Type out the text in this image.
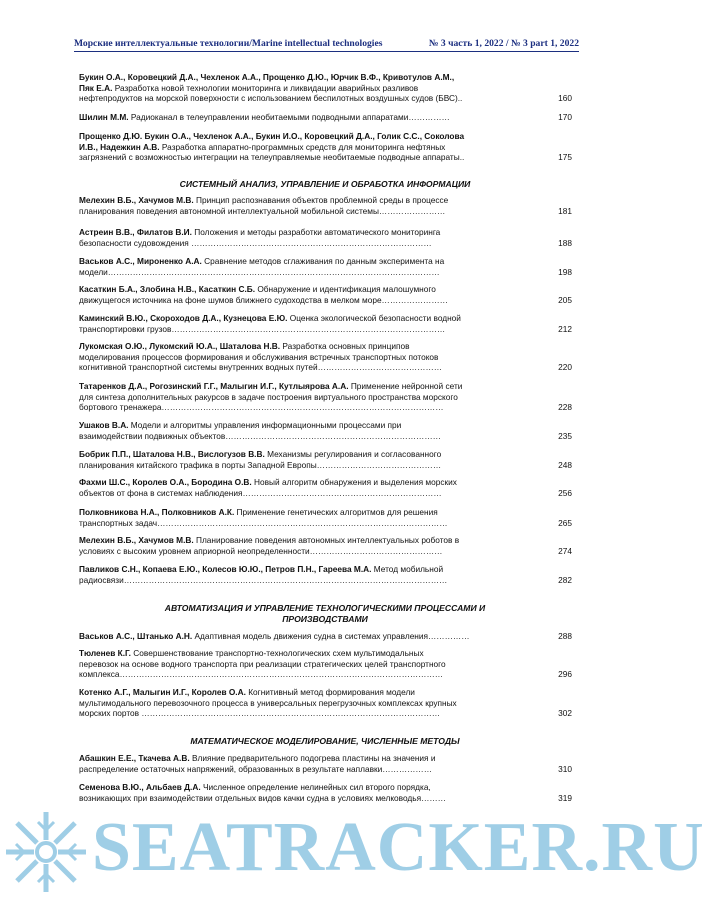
Морские интеллектуальные технологии/Marine intellectual technologies	№ 3 часть 1, 2022 / № 3 part 1, 2022
СИСТЕМНЫЙ АНАЛИЗ, УПРАВЛЕНИЕ И ОБРАБОТКА ИНФОРМАЦИИ
АВТОМАТИЗАЦИЯ И УПРАВЛЕНИЕ ТЕХНОЛОГИЧЕСКИМИ ПРОЦЕССАМИ И
ПРОИЗВОДСТВАМИ
МАТЕМАТИЧЕСКОЕ МОДЕЛИРОВАНИЕ, ЧИСЛЕННЫЕ МЕТОДЫ
Букин О.А., Коровецкий Д.А., Чехленок А.А., Прощенко Д.Ю., Юрчик В.Ф., Кривотулов А.М.,
Пяк Е.А. Разработка новой технологии мониторинга и ликвидации аварийных разливов
нефтепродуктов на морской поверхности с использованием беспилотных воздушных судов (БВС)..	160
Шилин М.М. Радиоканал в телеуправлении необитаемыми подводными аппаратами……………	170
Прощенко Д.Ю. Букин О.А., Чехленок А.А., Букин И.О., Коровецкий Д.А., Голик С.С., Соколова
И.В., Надежкин А.В. Разработка аппаратно-программных средств для мониторинга нефтяных
загрязнений с возможностью интеграции на телеуправляемые необитаемые подводные аппараты..	175
Мелехин В.Б., Хачумов М.В. Принцип распознавания объектов проблемной среды в процессе
планирования поведения автономной интеллектуальной мобильной системы……………………	181
Астреин В.В., Филатов В.И. Положения и методы разработки автоматического мониторинга
безопасности судовождения ……………………………………………………………………………	188
Васьков А.С., Мироненко А.А. Сравнение методов сглаживания по данным эксперимента на
модели…………………………………………………………………………………………………………	198
Касаткин Б.А., Злобина Н.В., Касаткин С.Б. Обнаружение и идентификация малошумного
движущегося источника на фоне шумов ближнего судоходства в мелком море……………………	205
Каминский В.Ю., Скороходов Д.А., Кузнецова Е.Ю. Оценка экологической безопасности водной
транспортировки грузов………………………………………………………………………………………	212
Лукомская О.Ю., Лукомский Ю.А., Шаталова Н.В. Разработка основных принципов
моделирования процессов формирования и обслуживания встречных транспортных потоков
когнитивной транспортной системы внутренних водных путей………………………………………	220
Татаренков Д.А., Рогозинский Г.Г., Малыгин И.Г., Кутлыярова А.А. Применение нейронной сети
для синтеза дополнительных ракурсов в задаче построения виртуального пространства морского
бортового тренажера…………………………………………………………………………………………	228
Ушаков В.А. Модели и алгоритмы управления информационными процессами при
взаимодействии подвижных объектов……………………………………………………………………	235
Бобрик П.П., Шаталова Н.В., Вислогузов В.В. Механизмы регулирования и согласованного
планирования китайского трафика в порты Западной Европы………………………………………	248
Фахми Ш.С., Королев О.А., Бородина О.В. Новый алгоритм обнаружения и выделения морских
объектов от фона в системах наблюдения………………………………………………………………	256
Полковникова Н.А., Полковников А.К. Применение генетических алгоритмов для решения
транспортных задач……………………………………………………………………………………………	265
Мелехин В.Б., Хачумов М.В. Планирование поведения автономных интеллектуальных роботов в
условиях с высоким уровнем априорной неопределенности…………………………………………	274
Павликов С.Н., Копаева Е.Ю., Колесов Ю.Ю., Петров П.Н., Гареева М.А. Метод мобильной
радиосвязи………………………………………………………………………………………………………	282
Васьков А.С., Штанько А.Н. Адаптивная модель движения судна в системах управления……………	288
Тюленев К.Г. Совершенствование транспортно-технологических схем мультимодальных
перевозок на основе водного транспорта при реализации стратегических целей транспортного
комплекса………………………………………………………………………………………………………	296
Котенко А.Г., Малыгин И.Г., Королев О.А. Когнитивный метод формирования модели
мультимодального перевозочного процесса в универсальных перегрузочных комплексах крупных
морских портов ………………………………………………………………………………………………	302
Абашкин Е.Е., Ткачева А.В. Влияние предварительного подогрева пластины на значения и
распределение остаточных напряжений, образованных в результате наплавки………………	310
Семенова В.Ю., Альбаев Д.А. Численное определение нелинейных сил второго порядка,
возникающих при взаимодействии отдельных видов качки судна в условиях мелководья………	319
SEATRACKER.RU
